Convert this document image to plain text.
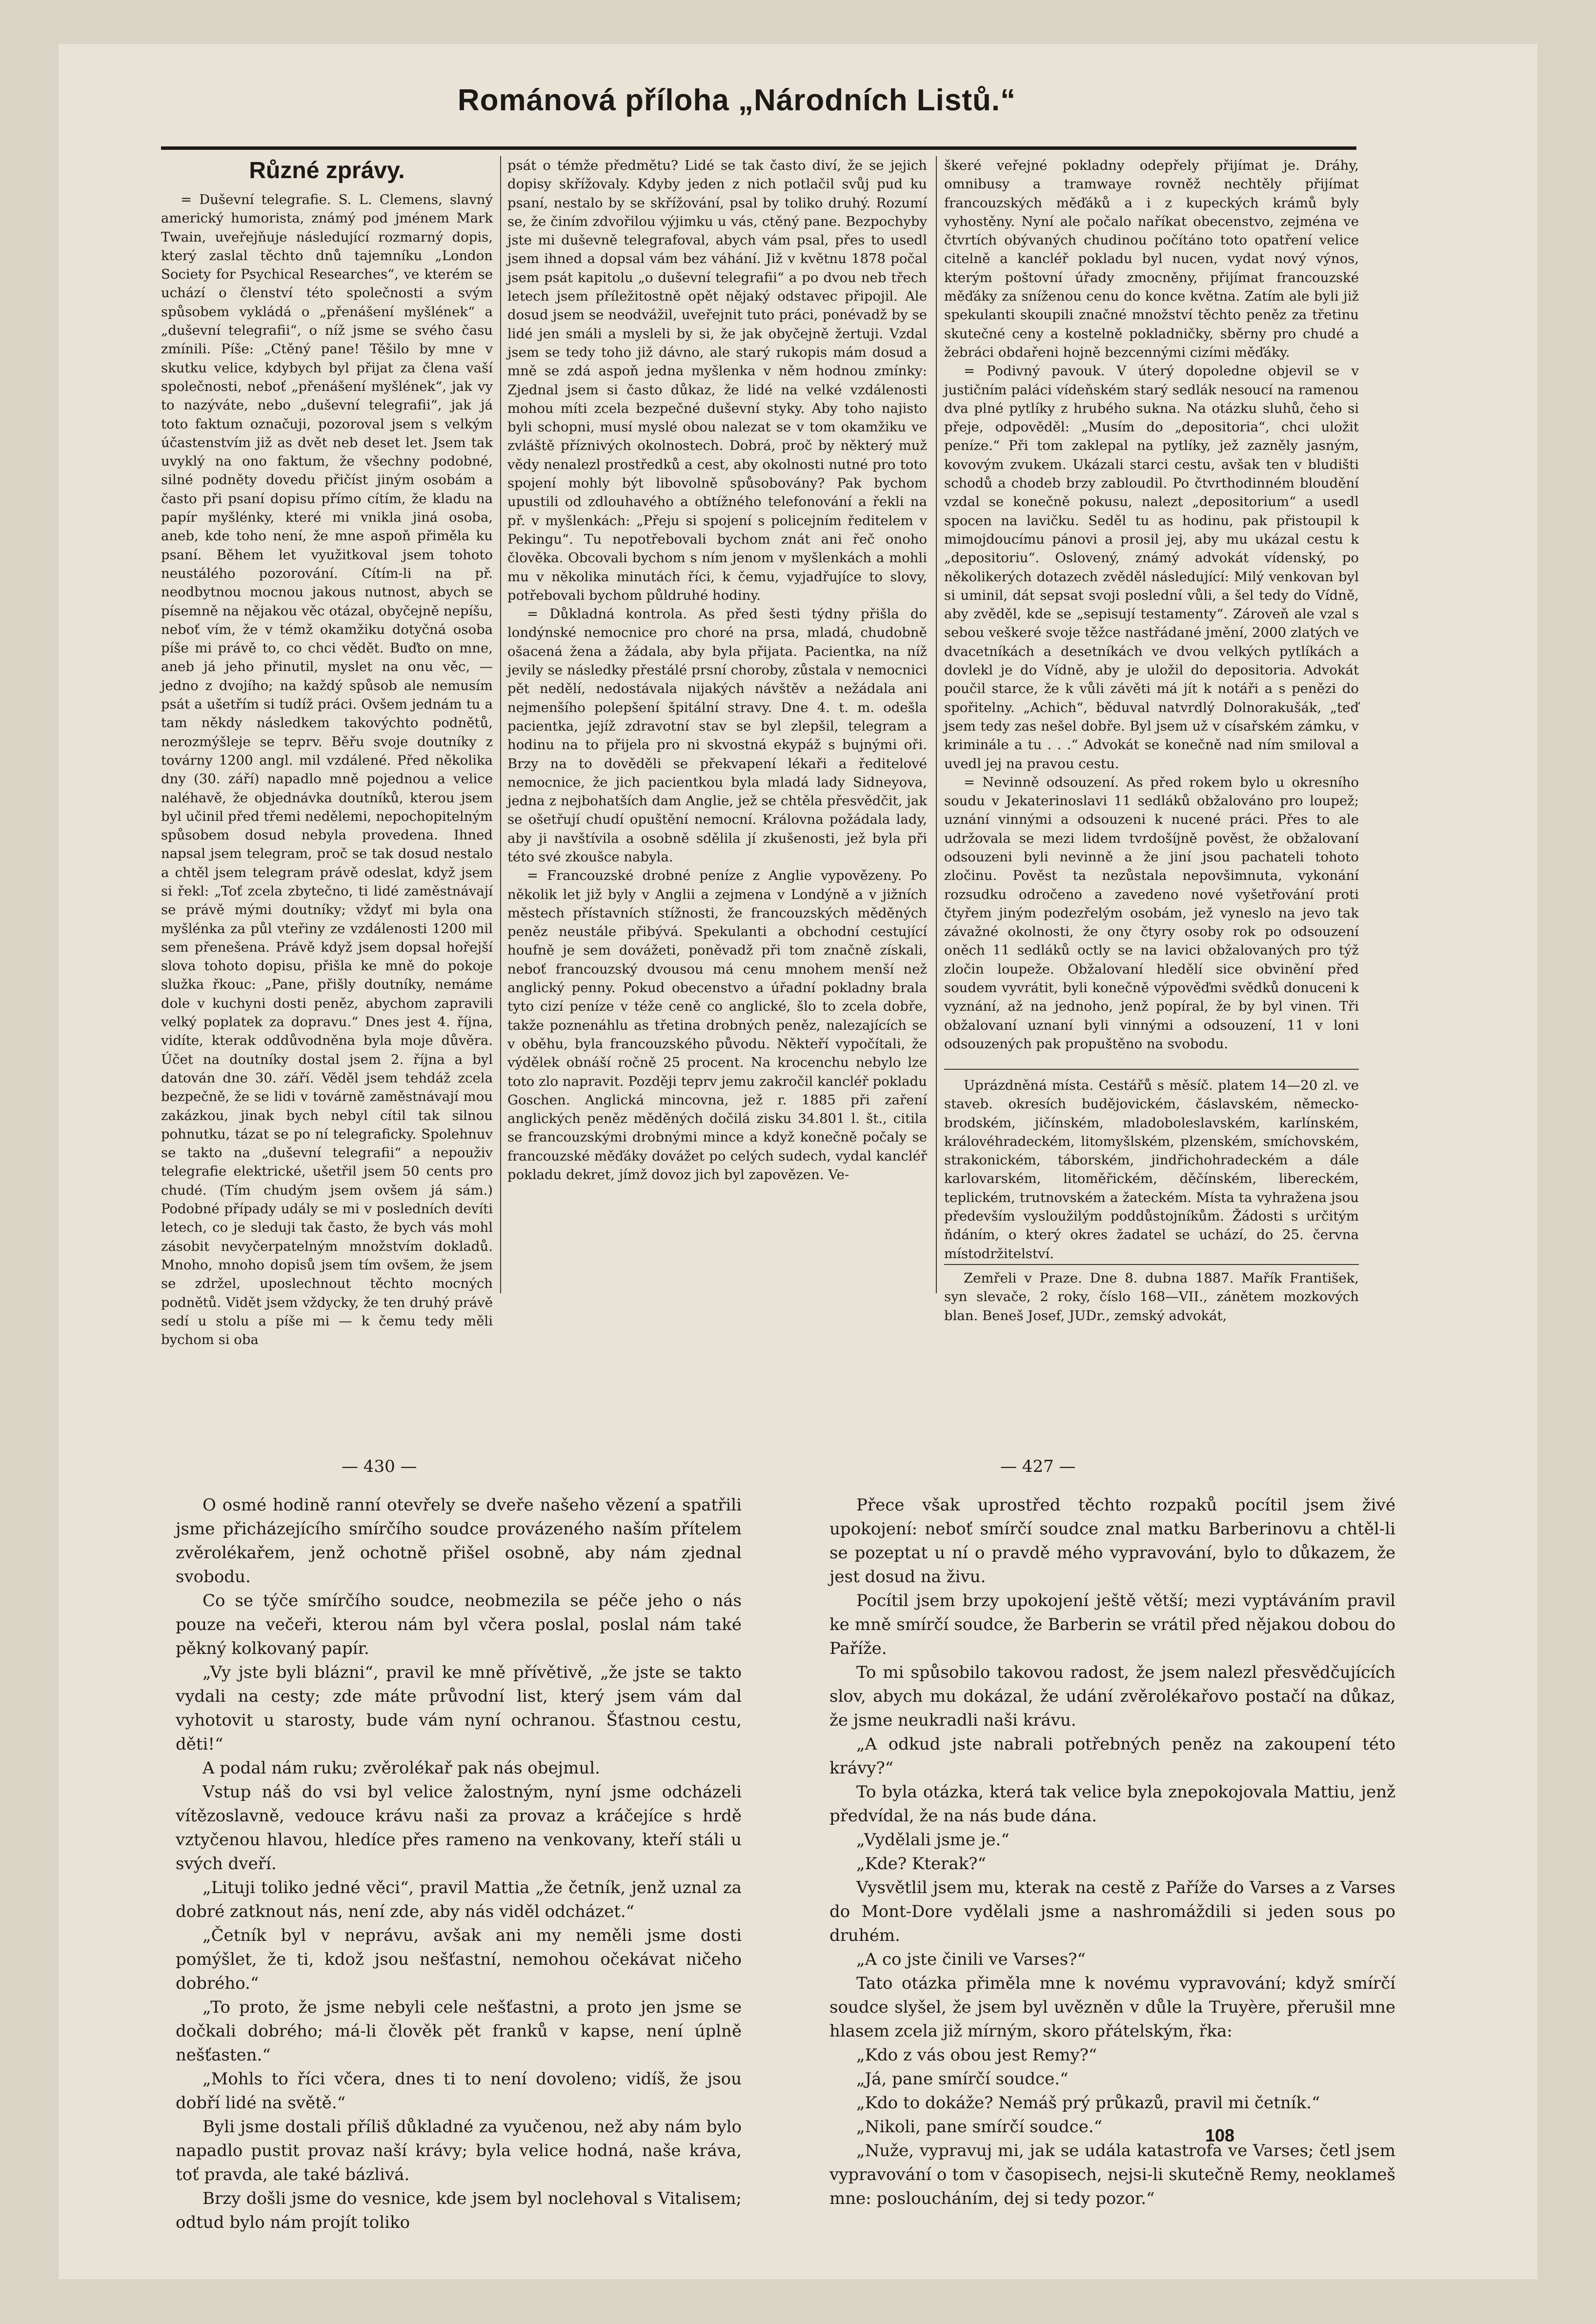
Románová příloha „Národních Listů.“
Různé zprávy.

= Duševní telegrafie. S. L. Clemens, slavný americký humorista, známý pod jménem Mark Twain, uveřejňuje následující rozmarný dopis, který zaslal těchto dnů tajemníku „London Society for Psychical Researches“, ve kterém se uchází o členství této společnosti a svým spůsobem vykládá o „přenášení myšlének“ a „duševní telegrafii“, o níž jsme se svého času zmínili. Píše: „Ctěný pane! Těšilo by mne v skutku velice, kdybych byl přijat za člena vaší společnosti, neboť „přenášení myšlének“, jak vy to nazýváte, nebo „duševní telegrafii“, jak já toto faktum označuji, pozoroval jsem s velkým účastenstvím již as dvět neb deset let. Jsem tak uvyklý na ono faktum, že všechny podobné, silné podněty dovedu přičíst jiným osobám a často při psaní dopisu přímo cítím, že kladu na papír myšlénky, které mi vnikla jiná osoba, aneb, kde toho není, že mne aspoň přiměla ku psaní. Během let využitkoval jsem tohoto neustálého pozorování. Cítím-li na př. neodbytnou mocnou jakous nutnost, abych se písemně na nějakou věc otázal, obyčejně nepíšu, neboť vím, že v témž okamžiku dotyčná osoba píše mi právě to, co chci vědět. Buďto on mne, aneb já jeho přinutil, myslet na onu věc, — jedno z dvojího; na každý spůsob ale nemusím psát a ušetřím si tudíž práci. Ovšem jednám tu a tam někdy následkem takovýchto podnětů, nerozmýšleje se teprv. Běřu svoje doutníky z továrny 1200 angl. mil vzdálené. Před několika dny (30. září) napadlo mně pojednou a velice naléhavě, že objednávka doutníků, kterou jsem byl učinil před třemi nedělemi, nepochopitelným spůsobem dosud nebyla provedena. Ihned napsal jsem telegram, proč se tak dosud nestalo a chtěl jsem telegram právě odeslat, když jsem si řekl: „Toť zcela zbytečno, ti lidé zaměstnávají se právě mými doutníky; vždyť mi byla ona myšlénka za půl vteřiny ze vzdálenosti 1200 mil sem přenešena. Právě když jsem dopsal hořejší slova tohoto dopisu, přišla ke mně do pokoje služka řkouc: „Pane, přišly doutníky, nemáme dole v kuchyni dosti peněz, abychom zapravili velký poplatek za dopravu.“ Dnes jest 4. října, vidíte, kterak oddůvodněna byla moje důvěra. Účet na doutníky dostal jsem 2. října a byl datován dne 30. září. Věděl jsem tehdáž zcela bezpečně, že se lidi v továrně zaměstnávají mou zakázkou, jinak bych nebyl cítil tak silnou pohnutku, tázat se po ní telegraficky. Spolehnuv se takto na „duševní telegrafii“ a nepouživ telegrafie elektrické, ušetřil jsem 50 cents pro chudé. (Tím chudým jsem ovšem já sám.) Podobné případy udály se mi v posledních devíti letech, co je sleduji tak často, že bych vás mohl zásobit nevyčerpatelným množstvím dokladů. Mnoho, mnoho dopisů jsem tím ovšem, že jsem se zdržel, uposlechnout těchto mocných podnětů. Vidět jsem vždycky, že ten druhý právě sedí u stolu a píše mi — k čemu tedy měli bychom si oba

psát o témže předmětu? Lidé se tak často diví, že se jejich dopisy skřížovaly. Kdyby jeden z nich potlačil svůj pud ku psaní, nestalo by se skřížování, psal by toliko druhý. Rozumí se, že činím zdvořilou výjimku u vás, ctěný pane. Bezpochyby jste mi duševně telegrafoval, abych vám psal, přes to usedl jsem ihned a dopsal vám bez váhání. Již v květnu 1878 počal jsem psát kapitolu „o duševní telegrafii“ a po dvou neb třech letech jsem příležitostně opět nějaký odstavec připojil. Ale dosud jsem se neodvážil, uveřejnit tuto práci, ponévadž by se lidé jen smáli a mysleli by si, že jak obyčejně žertuji. Vzdal jsem se tedy toho již dávno, ale starý rukopis mám dosud a mně se zdá aspoň jedna myšlenka v něm hodnou zmínky: Zjednal jsem si často důkaz, že lidé na velké vzdálenosti mohou míti zcela bezpečné duševní styky. Aby toho najisto byli schopni, musí myslé obou nalezat se v tom okamžiku ve zvláště příznivých okolnostech. Dobrá, proč by některý muž vědy nenalezl prostředků a cest, aby okolnosti nutné pro toto spojení mohly být libovolně spůsobovány? Pak bychom upustili od zdlouhavého a obtížného telefonování a řekli na př. v myšlenkách: „Přeju si spojení s policejním ředitelem v Pekingu“. Tu nepotřebovali bychom znát ani řeč onoho člověka. Obcovali bychom s ním jenom v myšlenkách a mohli mu v několika minutách říci, k čemu, vyjadřujíce to slovy, potřebovali bychom půldruhé hodiny.

= Důkladná kontrola. As před šesti týdny přišla do londýnské nemocnice pro choré na prsa, mladá, chudobně ošacená žena a žádala, aby byla přijata. Pacientka, na níž jevily se následky přestálé prsní choroby, zůstala v nemocnici pět nedělí, nedostávala nijakých návštěv a nežádala ani nejmenšího polepšení špitální stravy. Dne 4. t. m. odešla pacientka, jejíž zdravotní stav se byl zlepšil, telegram a hodinu na to přijela pro ni skvostná ekypáž s bujnými oři. Brzy na to dověděli se překvapení lékaři a ředitelové nemocnice, že jich pacientkou byla mladá lady Sidneyova, jedna z nejbohatších dam Anglie, jež se chtěla přesvědčit, jak se ošetřují chudí opuštění nemocní. Královna požádala lady, aby ji navštívila a osobně sdělila jí zkušenosti, jež byla při této své zkoušce nabyla.

= Francouzské drobné peníze z Anglie vypovězeny. Po několik let již byly v Anglii a zejmena v Londýně a v jižních městech přístavních stížnosti, že francouzských měděných peněz neustále přibývá. Spekulanti a obchodní cestující houfně je sem dovážeti, poněvadž při tom značně získali, neboť francouzský dvousou má cenu mnohem menší než anglický penny. Pokud obecenstvo a úřadní pokladny brala tyto cizí peníze v téže ceně co anglické, šlo to zcela dobře, takže poznenáhlu as třetina drobných peněz, nalezajících se v oběhu, byla francouzského původu. Někteří vypočítali, že výdělek obnáší ročně 25 procent. Na krocenchu nebylo lze toto zlo napravit. Později teprv jemu zakročil kancléř pokladu Goschen. Anglická mincovna, jež r. 1885 při zaření anglických peněz měděných dočilá zisku 34.801 l. št., citila se francouzskými drobnými mince a když konečně počaly se francouzské měďáky dovážet po celých sudech, vydal kancléř pokladu dekret, jímž dovoz jich byl zapovězen. Ve-

škeré veřejné pokladny odepřely přijímat je. Dráhy, omnibusy a tramwaye rovněž nechtěly přijímat francouzských měďáků a i z kupeckých krámů byly vyhostěny. Nyní ale počalo naříkat obecenstvo, zejména ve čtvrtích obývaných chudinou počítáno toto opatření velice citelně a kancléř pokladu byl nucen, vydat nový výnos, kterým poštovní úřady zmocněny, přijímat francouzské měďáky za sníženou cenu do konce května. Zatím ale byli již spekulanti skoupili značné množství těchto peněz za třetinu skutečné ceny a kostelně pokladničky, sběrny pro chudé a žebráci obdařeni hojně bezcennými cizími měďáky.

= Podivný pavouk. V úterý dopoledne objevil se v justičním paláci vídeňském starý sedlák nesoucí na ramenou dva plné pytlíky z hrubého sukna. Na otázku sluhů, čeho si přeje, odpověděl: „Musím do „depositoria“, chci uložit peníze.“ Při tom zaklepal na pytlíky, jež zazněly jasným, kovovým zvukem. Ukázali starci cestu, avšak ten v bludišti schodů a chodeb brzy zabloudil. Po čtvrthodinném bloudění vzdal se konečně pokusu, nalezt „depositorium“ a usedl spocen na lavičku. Seděl tu as hodinu, pak přistoupil k mimojdoucímu pánovi a prosil jej, aby mu ukázal cestu k „depositoriu“. Oslovený, známý advokát vídenský, po několikerých dotazech zvěděl následující: Milý venkovan byl si uminil, dát sepsat svoji poslední vůli, a šel tedy do Vídně, aby zvěděl, kde se „sepisují testamenty“. Zároveň ale vzal s sebou veškeré svoje těžce nastřádané jmění, 2000 zlatých ve dvacetníkách a desetníkách ve dvou velkých pytlíkách a dovlekl je do Vídně, aby je uložil do depositoria. Advokát poučil starce, že k vůli závěti má jít k notáři a s penězi do spořitelny. „Achich“, běduval natvrdlý Dolnorakušák, „teď jsem tedy zas nešel dobře. Byl jsem už v císařském zámku, v kriminále a tu . . .“ Advokát se konečně nad ním smiloval a uvedl jej na pravou cestu.

= Nevinně odsouzení. As před rokem bylo u okresního soudu v Jekaterinoslavi 11 sedláků obžalováno pro loupež; uznání vinnými a odsouzeni k nucené práci. Přes to ale udržovala se mezi lidem tvrdošíjně pověst, že obžalovaní odsouzeni byli nevinně a že jiní jsou pachateli tohoto zločinu. Pověst ta nezůstala nepovšimnuta, vykonání rozsudku odročeno a zavedeno nové vyšetřování proti čtyřem jiným podezřelým osobám, jež vyneslo na jevo tak závažné okolnosti, že ony čtyry osoby rok po odsouzení oněch 11 sedláků octly se na lavici obžalovaných pro týž zločin loupeže. Obžalovaní hledělí sice obvinění před soudem vyvrátit, byli konečně výpověďmi svědků donuceni k vyznání, až na jednoho, jenž popíral, že by byl vinen. Tři obžalovaní uznaní byli vinnými a odsouzení, 11 v loni odsouzených pak propuštěno na svobodu.

Uprázdněná místa. Cestářů s měsíč. platem 14—20 zl. ve staveb. okresích budějovickém, čáslavském, německo-brodském, jičínském, mladoboleslavském, karlínském, královéhradeckém, litomyšlském, plzenském, smíchovském, strakonickém, táborském, jindřichohradeckém a dále karlovarském, litoměřickém, děčínském, libereckém, teplickém, trutnovském a žateckém. Místa ta vyhražena jsou především vysloužilým poddůstojníkům. Žádosti s určitým ňdáním, o který okres žadatel se uchází, do 25. června místodržitelství.

Zemřeli v Praze. Dne 8. dubna 1887. Mařík František, syn slevače, 2 roky, číslo 168—VII., zánětem mozkových blan. Beneš Josef, JUDr., zemský advokát,

— 430 —	— 427 —

O osmé hodině ranní otevřely se dveře našeho vězení a spatřili jsme přicházejícího smírčího soudce provázeného naším přítelem zvěrolékařem, jenž ochotně přišel osobně, aby nám zjednal svobodu.

Co se týče smírčího soudce, neobmezila se péče jeho o nás pouze na večeři, kterou nám byl včera poslal, poslal nám také pěkný kolkovaný papír.

„Vy jste byli blázni“, pravil ke mně přívětivě, „že jste se takto vydali na cesty; zde máte průvodní list, který jsem vám dal vyhotovit u starosty, bude vám nyní ochranou. Šťastnou cestu, děti!“

A podal nám ruku; zvěrolékař pak nás obejmul.

Vstup náš do vsi byl velice žalostným, nyní jsme odcházeli vítězoslavně, vedouce krávu naši za provaz a kráčejíce s hrdě vztyčenou hlavou, hledíce přes rameno na venkovany, kteří stáli u svých dveří.

„Lituji toliko jedné věci“, pravil Mattia „že četník, jenž uznal za dobré zatknout nás, není zde, aby nás viděl odcházet.“

„Četník byl v neprávu, avšak ani my neměli jsme dosti pomýšlet, že ti, kdož jsou nešťastní, nemohou očekávat ničeho dobrého.“

„To proto, že jsme nebyli cele nešťastni, a proto jen jsme se dočkali dobrého; má-li člověk pět franků v kapse, není úplně nešťasten.“

„Mohls to říci včera, dnes ti to není dovoleno; vidíš, že jsou dobří lidé na světě.“

Byli jsme dostali příliš důkladné za vyučenou, než aby nám bylo napadlo pustit provaz naší krávy; byla velice hodná, naše kráva, toť pravda, ale také bázlivá.

Brzy došli jsme do vesnice, kde jsem byl noclehoval s Vitalisem; odtud bylo nám projít toliko

Přece však uprostřed těchto rozpaků pocítil jsem živé upokojení: neboť smírčí soudce znal matku Barberinovu a chtěl-li se pozeptat u ní o pravdě mého vypravování, bylo to důkazem, že jest dosud na živu.

Pocítil jsem brzy upokojení ještě větší; mezi vyptáváním pravil ke mně smírčí soudce, že Barberin se vrátil před nějakou dobou do Paříže.

To mi spůsobilo takovou radost, že jsem nalezl přesvědčujících slov, abych mu dokázal, že udání zvěrolékařovo postačí na důkaz, že jsme neukradli naši krávu.

„A odkud jste nabrali potřebných peněz na zakoupení této krávy?“

To byla otázka, která tak velice byla znepokojovala Mattiu, jenž předvídal, že na nás bude dána.

„Vydělali jsme je.“

„Kde? Kterak?“

Vysvětlil jsem mu, kterak na cestě z Paříže do Varses a z Varses do Mont-Dore vydělali jsme a nashromáždili si jeden sous po druhém.

„A co jste činili ve Varses?“

Tato otázka přiměla mne k novému vypravování; když smírčí soudce slyšel, že jsem byl uvězněn v důle la Truyère, přerušil mne hlasem zcela již mírným, skoro přátelským, řka:

„Kdo z vás obou jest Remy?“

„Já, pane smírčí soudce.“

„Kdo to dokáže? Nemáš prý průkazů, pravil mi četník.“

„Nikoli, pane smírčí soudce.“

„Nuže, vypravuj mi, jak se udála katastrofa ve Varses; četl jsem vypravování o tom v časopisech, nejsi-li skutečně Remy, neoklameš mne: posloucháním, dej si tedy pozor.“

108
